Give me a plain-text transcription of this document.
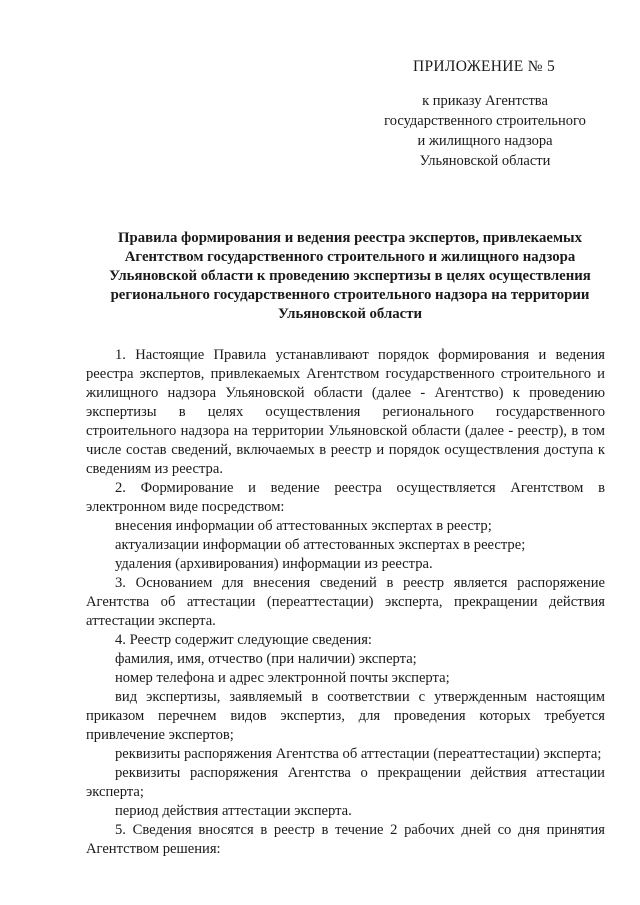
ПРИЛОЖЕНИЕ № 5
к приказу Агентства
государственного строительного
и жилищного надзора
Ульяновской области
Правила формирования и ведения реестра экспертов, привлекаемых
Агентством государственного строительного и жилищного надзора
Ульяновской области к проведению экспертизы в целях осуществления
регионального государственного строительного надзора на территории
Ульяновской области

1. Настоящие Правила устанавливают порядок формирования и ведения реестра экспертов, привлекаемых Агентством государственного строительного и жилищного надзора Ульяновской области (далее - Агентство) к проведению экспертизы в целях осуществления регионального государственного строительного надзора на территории Ульяновской области (далее - реестр), в том числе состав сведений, включаемых в реестр и порядок осуществления доступа к сведениям из реестра.

2. Формирование и ведение реестра осуществляется Агентством в электронном виде посредством:

внесения информации об аттестованных экспертах в реестр;

актуализации информации об аттестованных экспертах в реестре;

удаления (архивирования) информации из реестра.

3. Основанием для внесения сведений в реестр является распоряжение Агентства об аттестации (переаттестации) эксперта, прекращении действия аттестации эксперта.

4. Реестр содержит следующие сведения:

фамилия, имя, отчество (при наличии) эксперта;

номер телефона и адрес электронной почты эксперта;

вид экспертизы, заявляемый в соответствии с утвержденным настоящим приказом перечнем видов экспертиз, для проведения которых требуется привлечение экспертов;

реквизиты распоряжения Агентства об аттестации (переаттестации) эксперта;

реквизиты распоряжения Агентства о прекращении действия аттестации эксперта;

период действия аттестации эксперта.

5. Сведения вносятся в реестр в течение 2 рабочих дней со дня принятия Агентством решения:
